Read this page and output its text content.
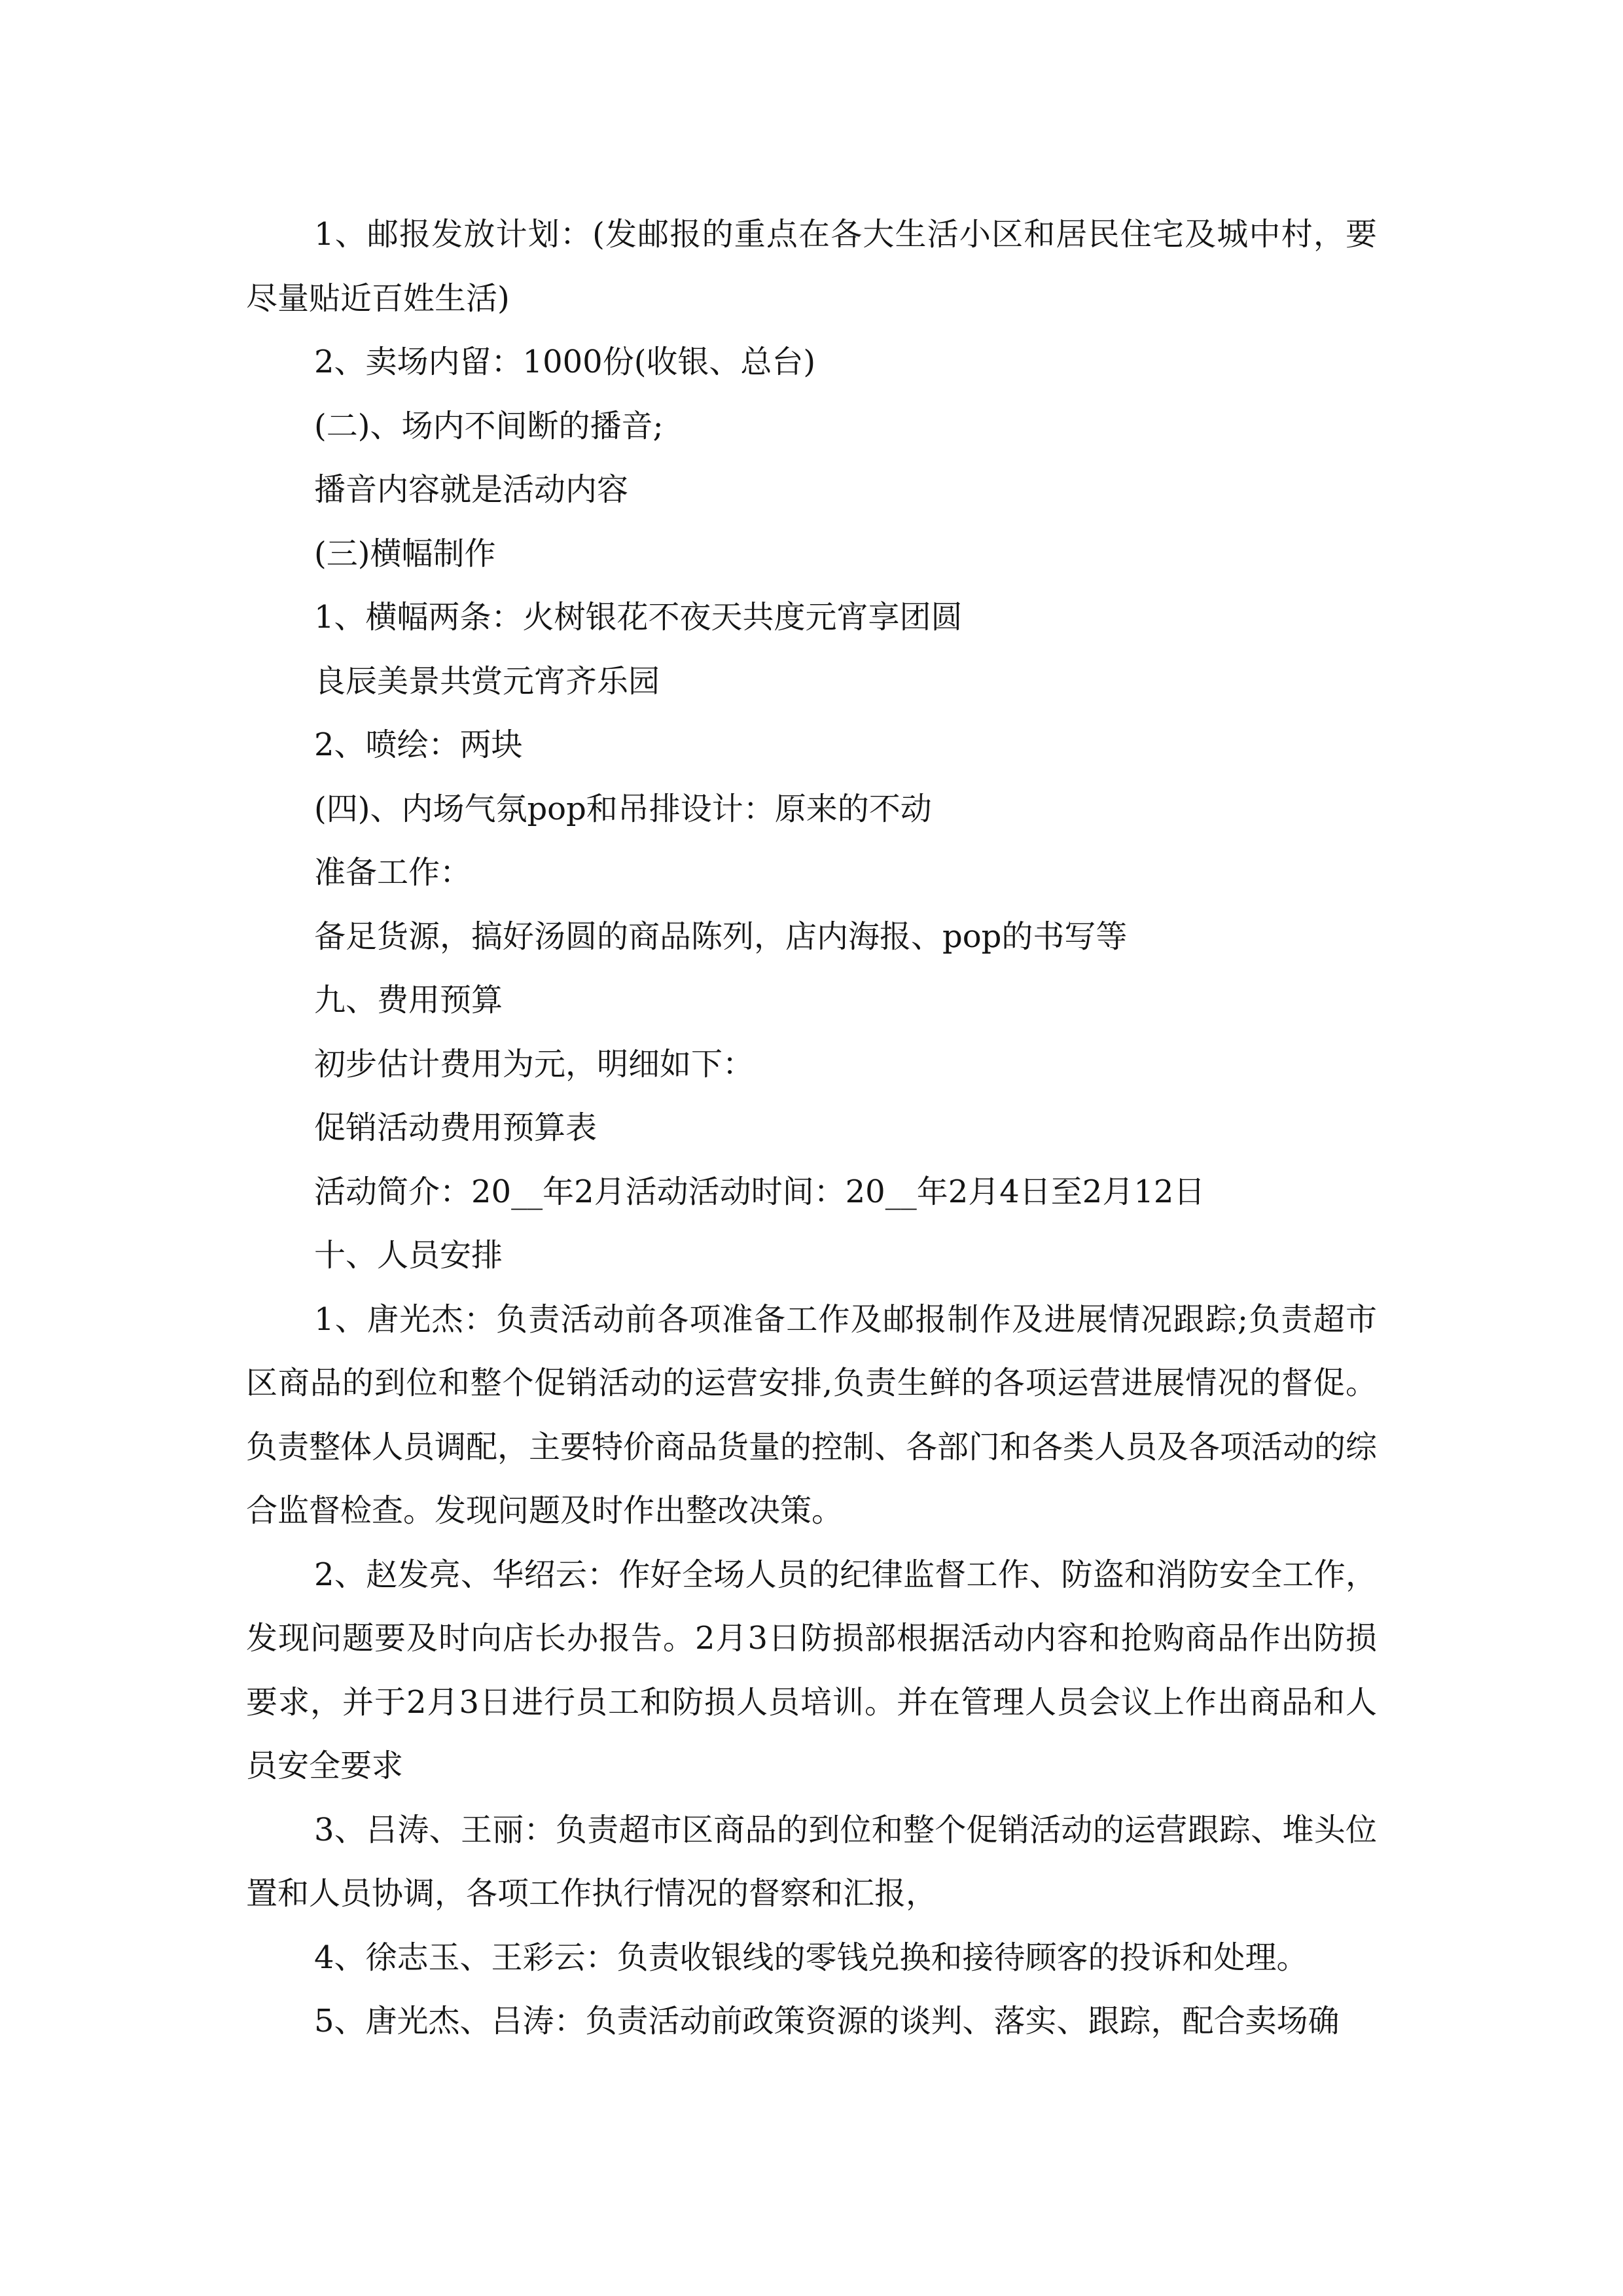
1、邮报发放计划：(发邮报的重点在各大生活小区和居民住宅及城中村，要尽量贴近百姓生活)

2、卖场内留：1000份(收银、总台)

(二)、场内不间断的播音;

播音内容就是活动内容

(三)横幅制作

1、横幅两条：火树银花不夜天共度元宵享团圆

良辰美景共赏元宵齐乐园

2、喷绘：两块

(四)、内场气氛pop和吊排设计：原来的不动

准备工作：

备足货源，搞好汤圆的商品陈列，店内海报、pop的书写等

九、费用预算

初步估计费用为元，明细如下：

促销活动费用预算表

活动简介：20__年2月活动活动时间：20__年2月4日至2月12日

十、人员安排

1、唐光杰：负责活动前各项准备工作及邮报制作及进展情况跟踪;负责超市区商品的到位和整个促销活动的运营安排,负责生鲜的各项运营进展情况的督促。负责整体人员调配，主要特价商品货量的控制、各部门和各类人员及各项活动的综合监督检查。发现问题及时作出整改决策。

2、赵发亮、华绍云：作好全场人员的纪律监督工作、防盗和消防安全工作，发现问题要及时向店长办报告。2月3日防损部根据活动内容和抢购商品作出防损要求，并于2月3日进行员工和防损人员培训。并在管理人员会议上作出商品和人员安全要求

3、吕涛、王丽：负责超市区商品的到位和整个促销活动的运营跟踪、堆头位置和人员协调，各项工作执行情况的督察和汇报，

4、徐志玉、王彩云：负责收银线的零钱兑换和接待顾客的投诉和处理。

5、唐光杰、吕涛：负责活动前政策资源的谈判、落实、跟踪，配合卖场确
